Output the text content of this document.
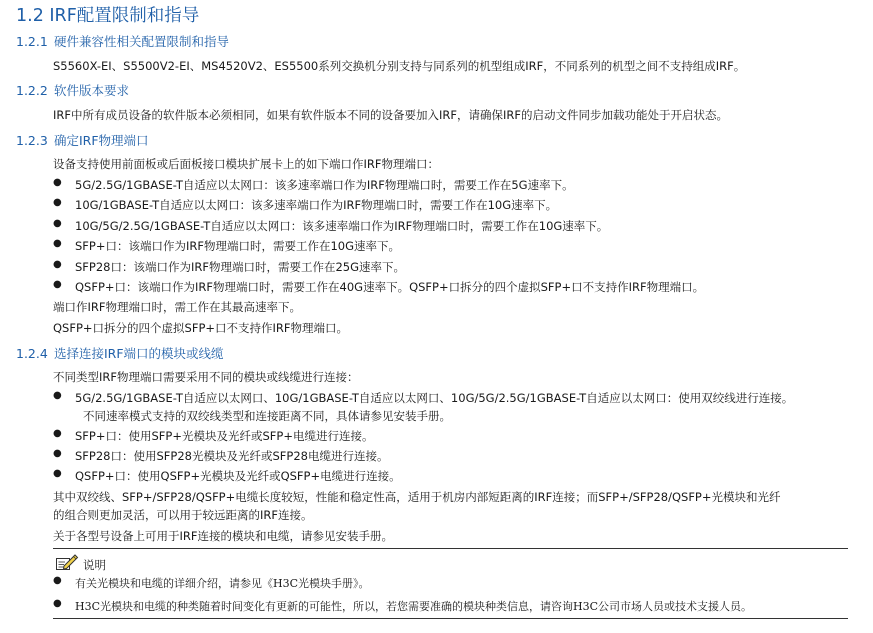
1.2 IRF配置限制和指导
1.2.1 硬件兼容性相关配置限制和指导
S5560X-EI、S5500V2-EI、MS4520V2、ES5500系列交换机分别支持与同系列的机型组成IRF，不同系列的机型之间不支持组成IRF。
1.2.2 软件版本要求
IRF中所有成员设备的软件版本必须相同，如果有软件版本不同的设备要加入IRF，请确保IRF的启动文件同步加载功能处于开启状态。
1.2.3 确定IRF物理端口
设备支持使用前面板或后面板接口模块扩展卡上的如下端口作IRF物理端口：
● 5G/2.5G/1GBASE-T自适应以太网口：该多速率端口作为IRF物理端口时，需要工作在5G速率下。
● 10G/1GBASE-T自适应以太网口：该多速率端口作为IRF物理端口时，需要工作在10G速率下。
● 10G/5G/2.5G/1GBASE-T自适应以太网口：该多速率端口作为IRF物理端口时，需要工作在10G速率下。
● SFP+口：该端口作为IRF物理端口时，需要工作在10G速率下。
● SFP28口：该端口作为IRF物理端口时，需要工作在25G速率下。
● QSFP+口：该端口作为IRF物理端口时，需要工作在40G速率下。QSFP+口拆分的四个虚拟SFP+口不支持作IRF物理端口。
端口作IRF物理端口时，需工作在其最高速率下。
QSFP+口拆分的四个虚拟SFP+口不支持作IRF物理端口。
1.2.4 选择连接IRF端口的模块或线缆
不同类型IRF物理端口需要采用不同的模块或线缆进行连接：
● 5G/2.5G/1GBASE-T自适应以太网口、10G/1GBASE-T自适应以太网口、10G/5G/2.5G/1GBASE-T自适应以太网口：使用双绞线进行连接。
不同速率模式支持的双绞线类型和连接距离不同，具体请参见安装手册。
● SFP+口：使用SFP+光模块及光纤或SFP+电缆进行连接。
● SFP28口：使用SFP28光模块及光纤或SFP28电缆进行连接。
● QSFP+口：使用QSFP+光模块及光纤或QSFP+电缆进行连接。
其中双绞线、SFP+/SFP28/QSFP+电缆长度较短，性能和稳定性高，适用于机房内部短距离的IRF连接；而SFP+/SFP28/QSFP+光模块和光纤
的组合则更加灵活，可以用于较远距离的IRF连接。
关于各型号设备上可用于IRF连接的模块和电缆，请参见安装手册。
说明
● 有关光模块和电缆的详细介绍，请参见《H3C光模块手册》。
● H3C光模块和电缆的种类随着时间变化有更新的可能性，所以，若您需要准确的模块种类信息，请咨询H3C公司市场人员或技术支援人员。
